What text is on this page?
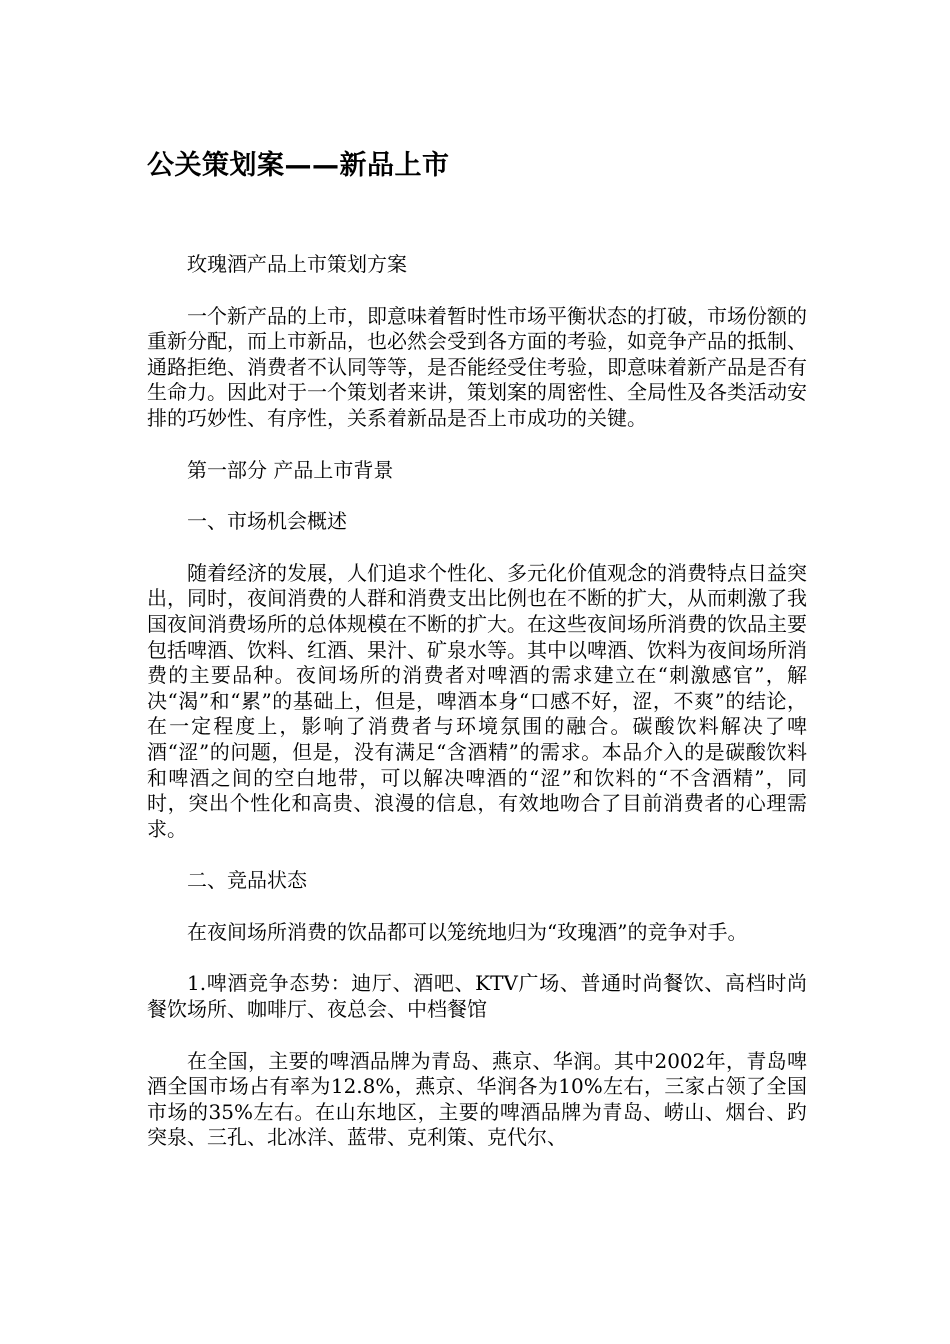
公关策划案——新品上市

玫瑰酒产品上市策划方案

一个新产品的上市，即意味着暂时性市场平衡状态的打破，市场份额的重新分配，而上市新品，也必然会受到各方面的考验，如竞争产品的抵制、通路拒绝、消费者不认同等等，是否能经受住考验，即意味着新产品是否有生命力。因此对于一个策划者来讲，策划案的周密性、全局性及各类活动安排的巧妙性、有序性，关系着新品是否上市成功的关键。

第一部分 产品上市背景

一、市场机会概述

随着经济的发展，人们追求个性化、多元化价值观念的消费特点日益突出，同时，夜间消费的人群和消费支出比例也在不断的扩大，从而刺激了我国夜间消费场所的总体规模在不断的扩大。在这些夜间场所消费的饮品主要包括啤酒、饮料、红酒、果汁、矿泉水等。其中以啤酒、饮料为夜间场所消费的主要品种。夜间场所的消费者对啤酒的需求建立在“刺激感官”，解决“渴”和“累”的基础上，但是，啤酒本身“口感不好，涩，不爽”的结论，在一定程度上，影响了消费者与环境氛围的融合。碳酸饮料解决了啤酒“涩”的问题，但是，没有满足“含酒精”的需求。本品介入的是碳酸饮料和啤酒之间的空白地带，可以解决啤酒的“涩”和饮料的“不含酒精”，同时，突出个性化和高贵、浪漫的信息，有效地吻合了目前消费者的心理需求。

二、竞品状态

在夜间场所消费的饮品都可以笼统地归为“玫瑰酒”的竞争对手。

1.啤酒竞争态势：迪厅、酒吧、KTV广场、普通时尚餐饮、高档时尚餐饮场所、咖啡厅、夜总会、中档餐馆

在全国，主要的啤酒品牌为青岛、燕京、华润。其中2002年，青岛啤酒全国市场占有率为12.8%，燕京、华润各为10%左右，三家占领了全国市场的35%左右。在山东地区，主要的啤酒品牌为青岛、崂山、烟台、趵突泉、三孔、北冰洋、蓝带、克利策、克代尔、
